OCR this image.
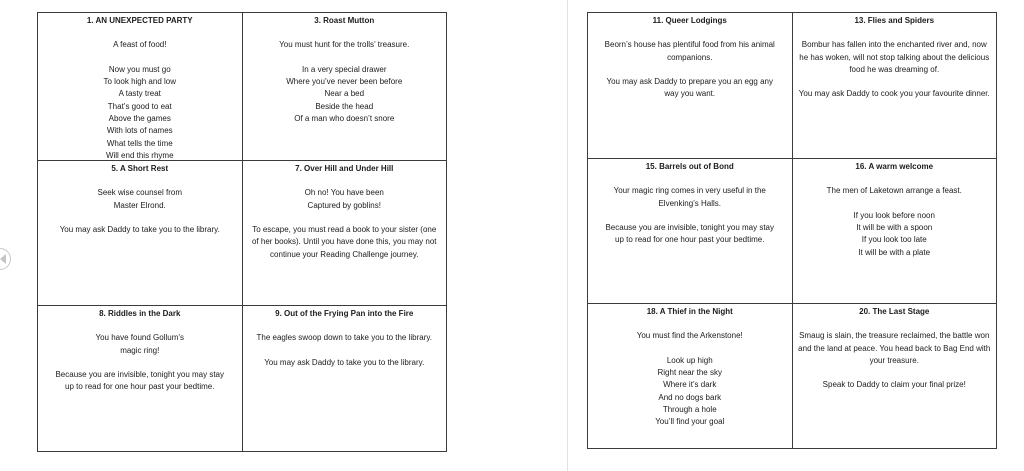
1. AN UNEXPECTED PARTY
A feast of food!
Now you must go
To look high and low
A tasty treat
That’s good to eat
Above the games
With lots of names
What tells the time
Will end this rhyme
3. Roast Mutton
You must hunt for the trolls’ treasure.
In a very special drawer
Where you’ve never been before
Near a bed
Beside the head
Of a man who doesn’t snore
5. A Short Rest
Seek wise counsel from
Master Elrond.
You may ask Daddy to take you to the library.
7. Over Hill and Under Hill
Oh no! You have been
Captured by goblins!
To escape, you must read a book to your sister (one
of her books). Until you have done this, you may not
continue your Reading Challenge journey.
8. Riddles in the Dark
You have found Gollum’s
magic ring!
Because you are invisible, tonight you may stay
up to read for one hour past your bedtime.
9. Out of the Frying Pan into the Fire
The eagles swoop down to take you to the library.
You may ask Daddy to take you to the library.
11. Queer Lodgings
Beorn’s house has plentiful food from his animal
companions.
You may ask Daddy to prepare you an egg any
way you want.
13. Flies and Spiders
Bombur has fallen into the enchanted river and, now
he has woken, will not stop talking about the delicious
food he was dreaming of.
You may ask Daddy to cook you your favourite dinner.
15. Barrels out of Bond
Your magic ring comes in very useful in the
Elvenking’s Halls.
Because you are invisible, tonight you may stay
up to read for one hour past your bedtime.
16. A warm welcome
The men of Laketown arrange a feast.
If you look before noon
It will be with a spoon
If you look too late
It will be with a plate
18. A Thief in the Night
You must find the Arkenstone!
Look up high
Right near the sky
Where it’s dark
And no dogs bark
Through a hole
You’ll find your goal
20. The Last Stage
Smaug is slain, the treasure reclaimed, the battle won
and the land at peace. You head back to Bag End with
your treasure.
Speak to Daddy to claim your final prize!
